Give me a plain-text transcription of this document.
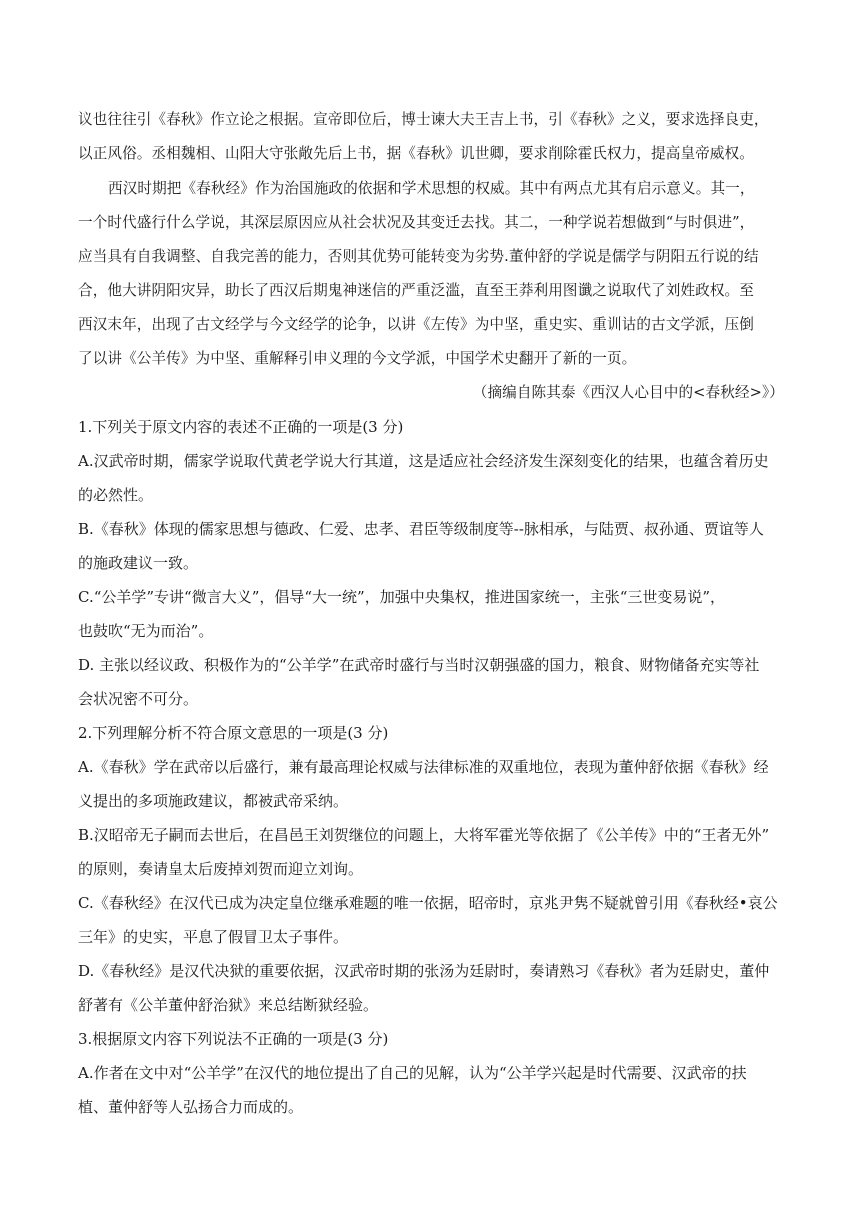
议也往往引《春秋》作立论之根据。宣帝即位后，博士谏大夫王吉上书，引《春秋》之义，要求选择良吏，
以正风俗。丞相魏相、山阳大守张敞先后上书，据《春秋》讥世卿，要求削除霍氏权力，提高皇帝威权。
西汉时期把《春秋经》作为治国施政的依据和学术思想的权威。其中有两点尤其有启示意义。其一，
一个时代盛行什么学说，其深层原因应从社会状况及其变迁去找。其二，一种学说若想做到“与时俱进”，
应当具有自我调整、自我完善的能力，否则其优势可能转变为劣势.董仲舒的学说是儒学与阴阳五行说的结
合，他大讲阴阳灾异，助长了西汉后期鬼神迷信的严重泛滥，直至王莽利用图谶之说取代了刘姓政权。至
西汉末年，出现了古文经学与今文经学的论争，以讲《左传》为中坚，重史实、重训诂的古文学派，压倒
了以讲《公羊传》为中坚、重解释引申义理的今文学派，中国学术史翻开了新的一页。
（摘编自陈其泰《西汉人心目中的<春秋经>》）
1.下列关于原文内容的表述不正确的一项是(3 分)
A.汉武帝时期，儒家学说取代黄老学说大行其道，这是适应社会经济发生深刻变化的结果，也蕴含着历史
的必然性。
B.《春秋》体现的儒家思想与德政、仁爱、忠孝、君臣等级制度等--脉相承，与陆贾、叔孙通、贾谊等人
的施政建议一致。
C.“公羊学”专讲“微言大义”，倡导“大一统”，加强中央集权，推进国家统一，主张“三世变易说”，
也鼓吹“无为而治”。
D. 主张以经议政、积极作为的“公羊学”在武帝时盛行与当时汉朝强盛的国力，粮食、财物储备充实等社
会状况密不可分。
2.下列理解分析不符合原文意思的一项是(3 分)
A.《春秋》学在武帝以后盛行，兼有最高理论权威与法律标准的双重地位，表现为董仲舒依据《春秋》经
义提出的多项施政建议，都被武帝采纳。
B.汉昭帝无子嗣而去世后，在昌邑王刘贺继位的问题上，大将军霍光等依据了《公羊传》中的“王者无外”
的原则，奏请皇太后废掉刘贺而迎立刘询。
C.《春秋经》在汉代已成为决定皇位继承难题的唯一依据，昭帝时，京兆尹隽不疑就曾引用《春秋经•哀公
三年》的史实，平息了假冒卫太子事件。
D.《春秋经》是汉代决狱的重要依据，汉武帝时期的张汤为廷尉时，奏请熟习《春秋》者为廷尉史，董仲
舒著有《公羊董仲舒治狱》来总结断狱经验。
3.根据原文内容下列说法不正确的一项是(3 分)
A.作者在文中对“公羊学”在汉代的地位提出了自己的见解，认为“公羊学兴起是时代需要、汉武帝的扶
植、董仲舒等人弘扬合力而成的。
